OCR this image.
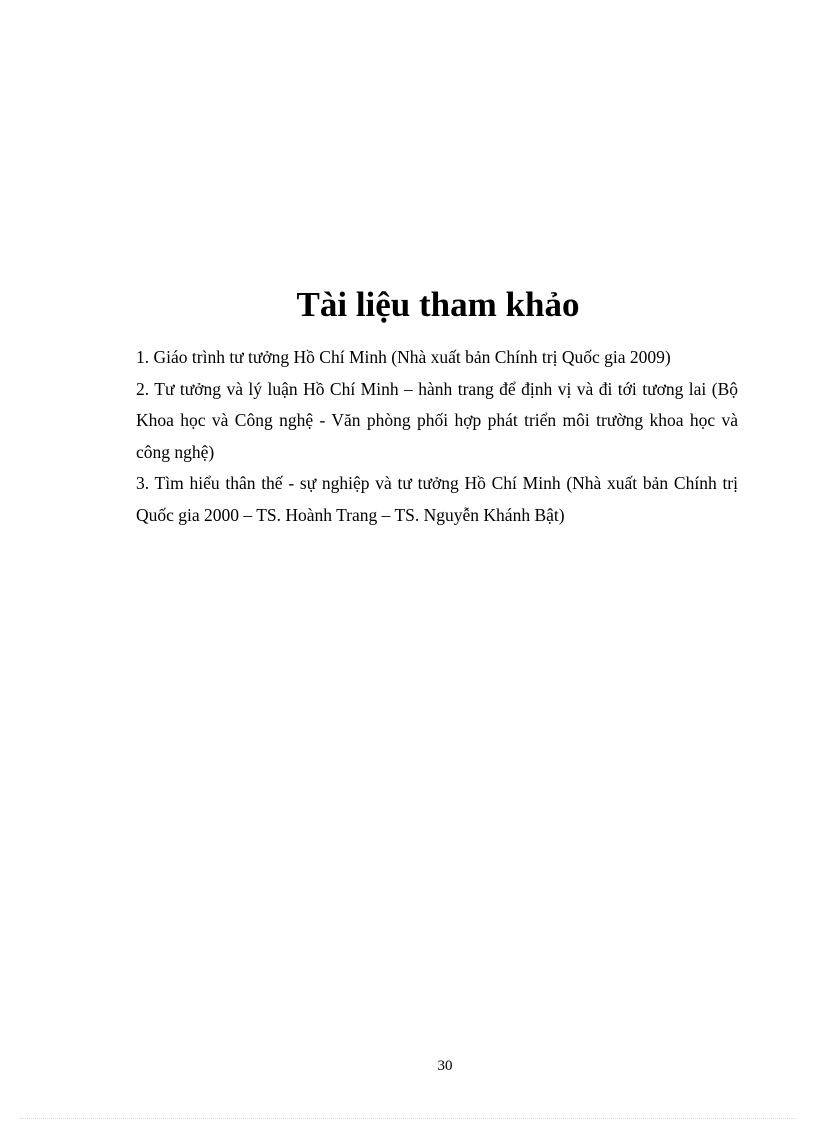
Tài liệu tham khảo

1. Giáo trình tư tưởng Hồ Chí Minh (Nhà xuất bản Chính trị Quốc gia 2009)

2. Tư tưởng và lý luận Hồ Chí Minh – hành trang để định vị và đi tới tương lai (Bộ Khoa học và Công nghệ - Văn phòng phối hợp phát triển môi trường khoa học và công nghệ)

3. Tìm hiểu thân thế - sự nghiệp và tư tưởng Hồ Chí Minh (Nhà xuất bản Chính trị Quốc gia 2000 – TS. Hoành Trang – TS. Nguyễn Khánh Bật)

30
